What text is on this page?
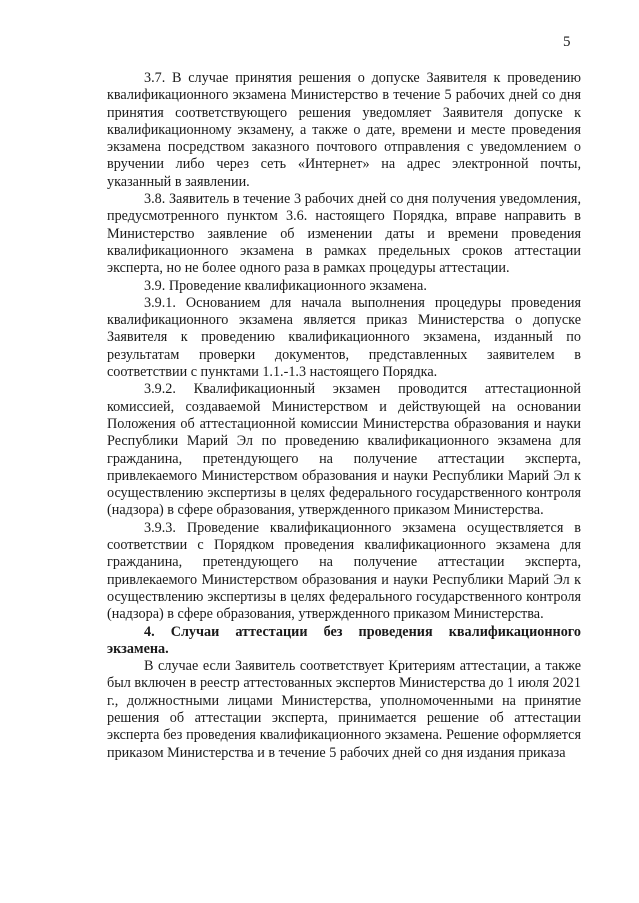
5

3.7. В случае принятия решения о допуске Заявителя к проведению квалификационного экзамена Министерство в течение 5 рабочих дней со дня принятия соответствующего решения уведомляет Заявителя допуске к квалификационному экзамену, а также о дате, времени и месте проведения экзамена посредством заказного почтового отправления с уведомлением о вручении либо через сеть «Интернет» на адрес электронной почты, указанный в заявлении.

3.8. Заявитель в течение 3 рабочих дней со дня получения уведомления, предусмотренного пунктом 3.6. настоящего Порядка, вправе направить в Министерство заявление об изменении даты и времени проведения квалификационного экзамена в рамках предельных сроков аттестации эксперта, но не более одного раза в рамках процедуры аттестации.

3.9. Проведение квалификационного экзамена.

3.9.1. Основанием для начала выполнения процедуры проведения квалификационного экзамена является приказ Министерства о допуске Заявителя к проведению квалификационного экзамена, изданный по результатам проверки документов, представленных заявителем в соответствии с пунктами 1.1.-1.3 настоящего Порядка.

3.9.2. Квалификационный экзамен проводится аттестационной комиссией, создаваемой Министерством и действующей на основании Положения об аттестационной комиссии Министерства образования и науки Республики Марий Эл по проведению квалификационного экзамена для гражданина, претендующего на получение аттестации эксперта, привлекаемого Министерством образования и науки Республики Марий Эл к осуществлению экспертизы в целях федерального государственного контроля (надзора) в сфере образования, утвержденного приказом Министерства.

3.9.3. Проведение квалификационного экзамена осуществляется в соответствии с Порядком проведения квалификационного экзамена для гражданина, претендующего на получение аттестации эксперта, привлекаемого Министерством образования и науки Республики Марий Эл к осуществлению экспертизы в целях федерального государственного контроля (надзора) в сфере образования, утвержденного приказом Министерства.

4. Случаи аттестации без проведения квалификационного экзамена.

В случае если Заявитель соответствует Критериям аттестации, а также был включен в реестр аттестованных экспертов Министерства до 1 июля 2021 г., должностными лицами Министерства, уполномоченными на принятие решения об аттестации эксперта, принимается решение об аттестации эксперта без проведения квалификационного экзамена. Решение оформляется приказом Министерства и в течение 5 рабочих дней со дня издания приказа
